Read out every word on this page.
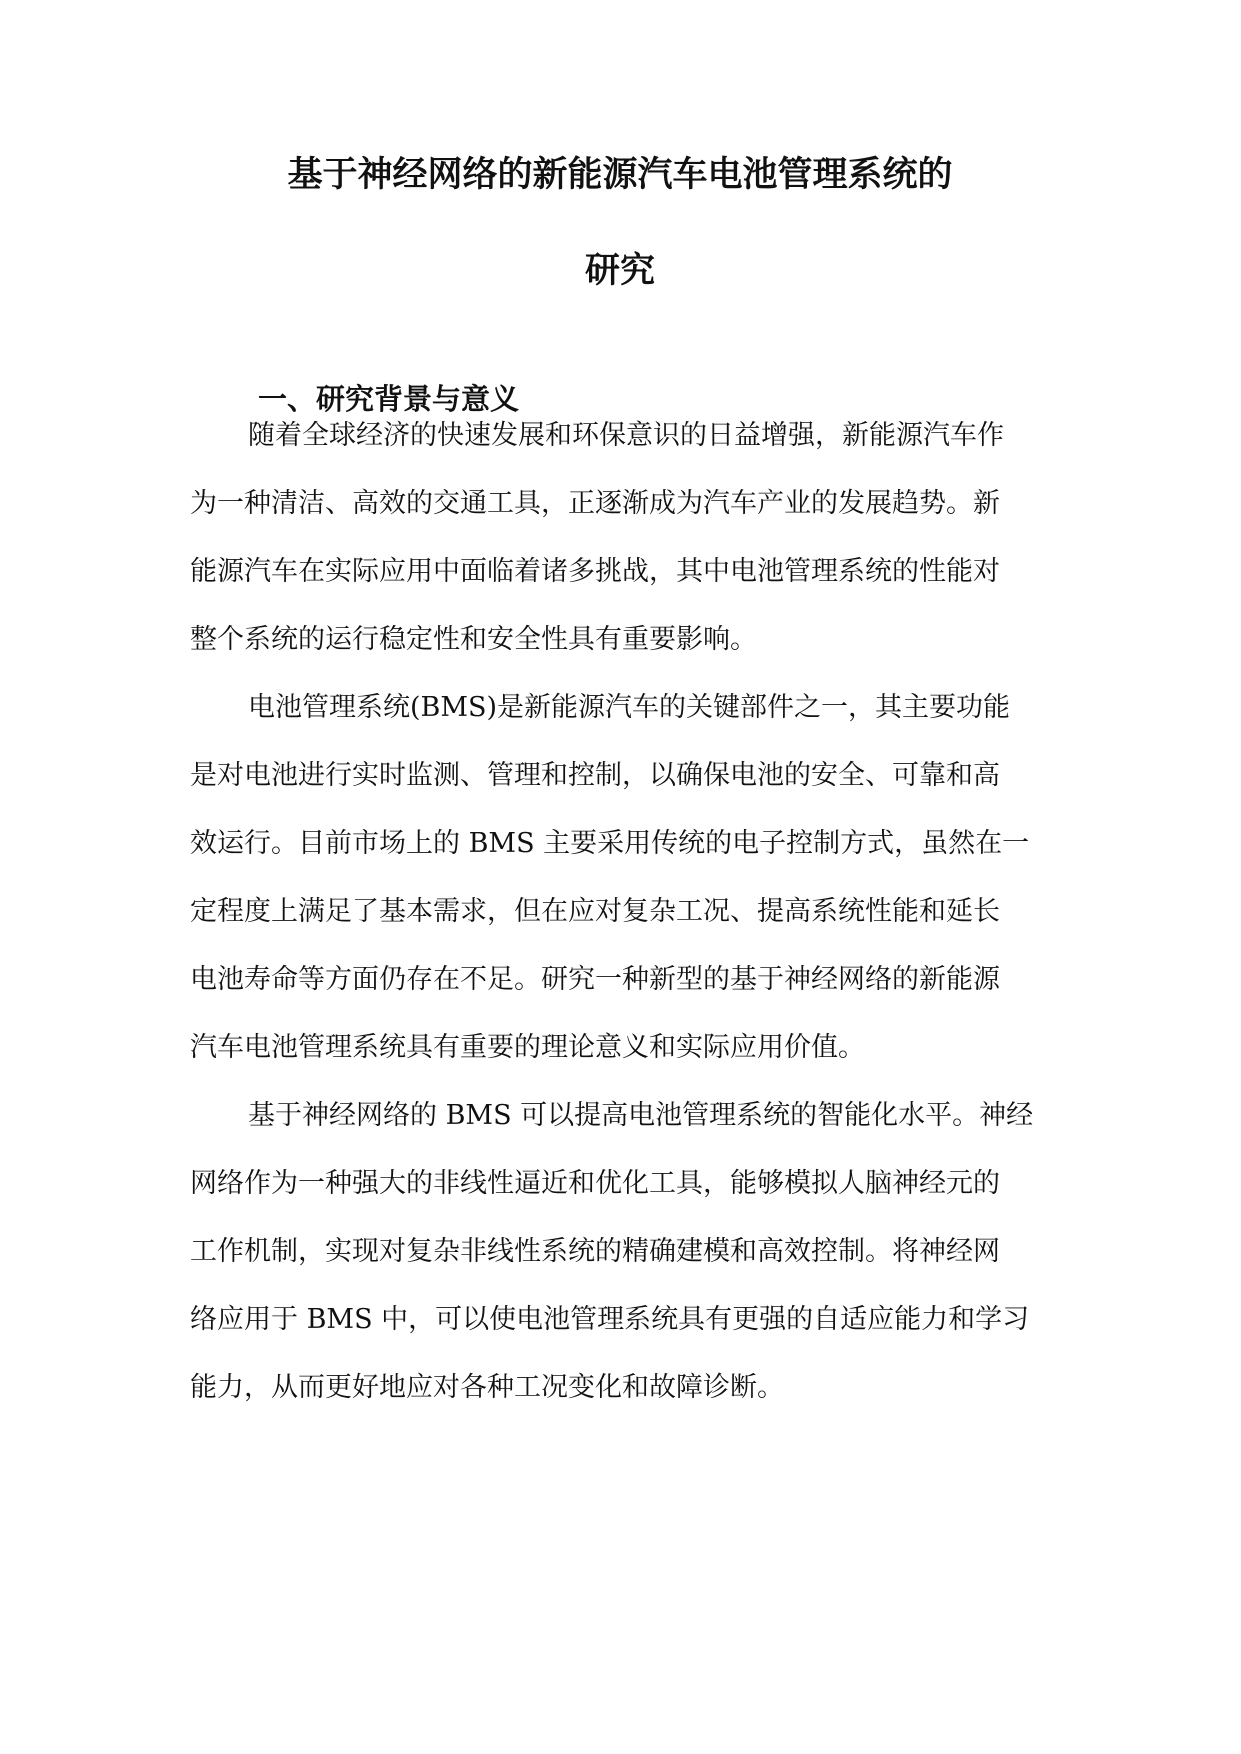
基于神经网络的新能源汽车电池管理系统的
研究
一、研究背景与意义

随着全球经济的快速发展和环保意识的日益增强，新能源汽车作

为一种清洁、高效的交通工具，正逐渐成为汽车产业的发展趋势。新

能源汽车在实际应用中面临着诸多挑战，其中电池管理系统的性能对

整个系统的运行稳定性和安全性具有重要影响。

电池管理系统(BMS)是新能源汽车的关键部件之一，其主要功能

是对电池进行实时监测、管理和控制，以确保电池的安全、可靠和高

效运行。目前市场上的 BMS 主要采用传统的电子控制方式，虽然在一

定程度上满足了基本需求，但在应对复杂工况、提高系统性能和延长

电池寿命等方面仍存在不足。研究一种新型的基于神经网络的新能源

汽车电池管理系统具有重要的理论意义和实际应用价值。

基于神经网络的 BMS 可以提高电池管理系统的智能化水平。神经

网络作为一种强大的非线性逼近和优化工具，能够模拟人脑神经元的

工作机制，实现对复杂非线性系统的精确建模和高效控制。将神经网

络应用于 BMS 中，可以使电池管理系统具有更强的自适应能力和学习

能力，从而更好地应对各种工况变化和故障诊断。
